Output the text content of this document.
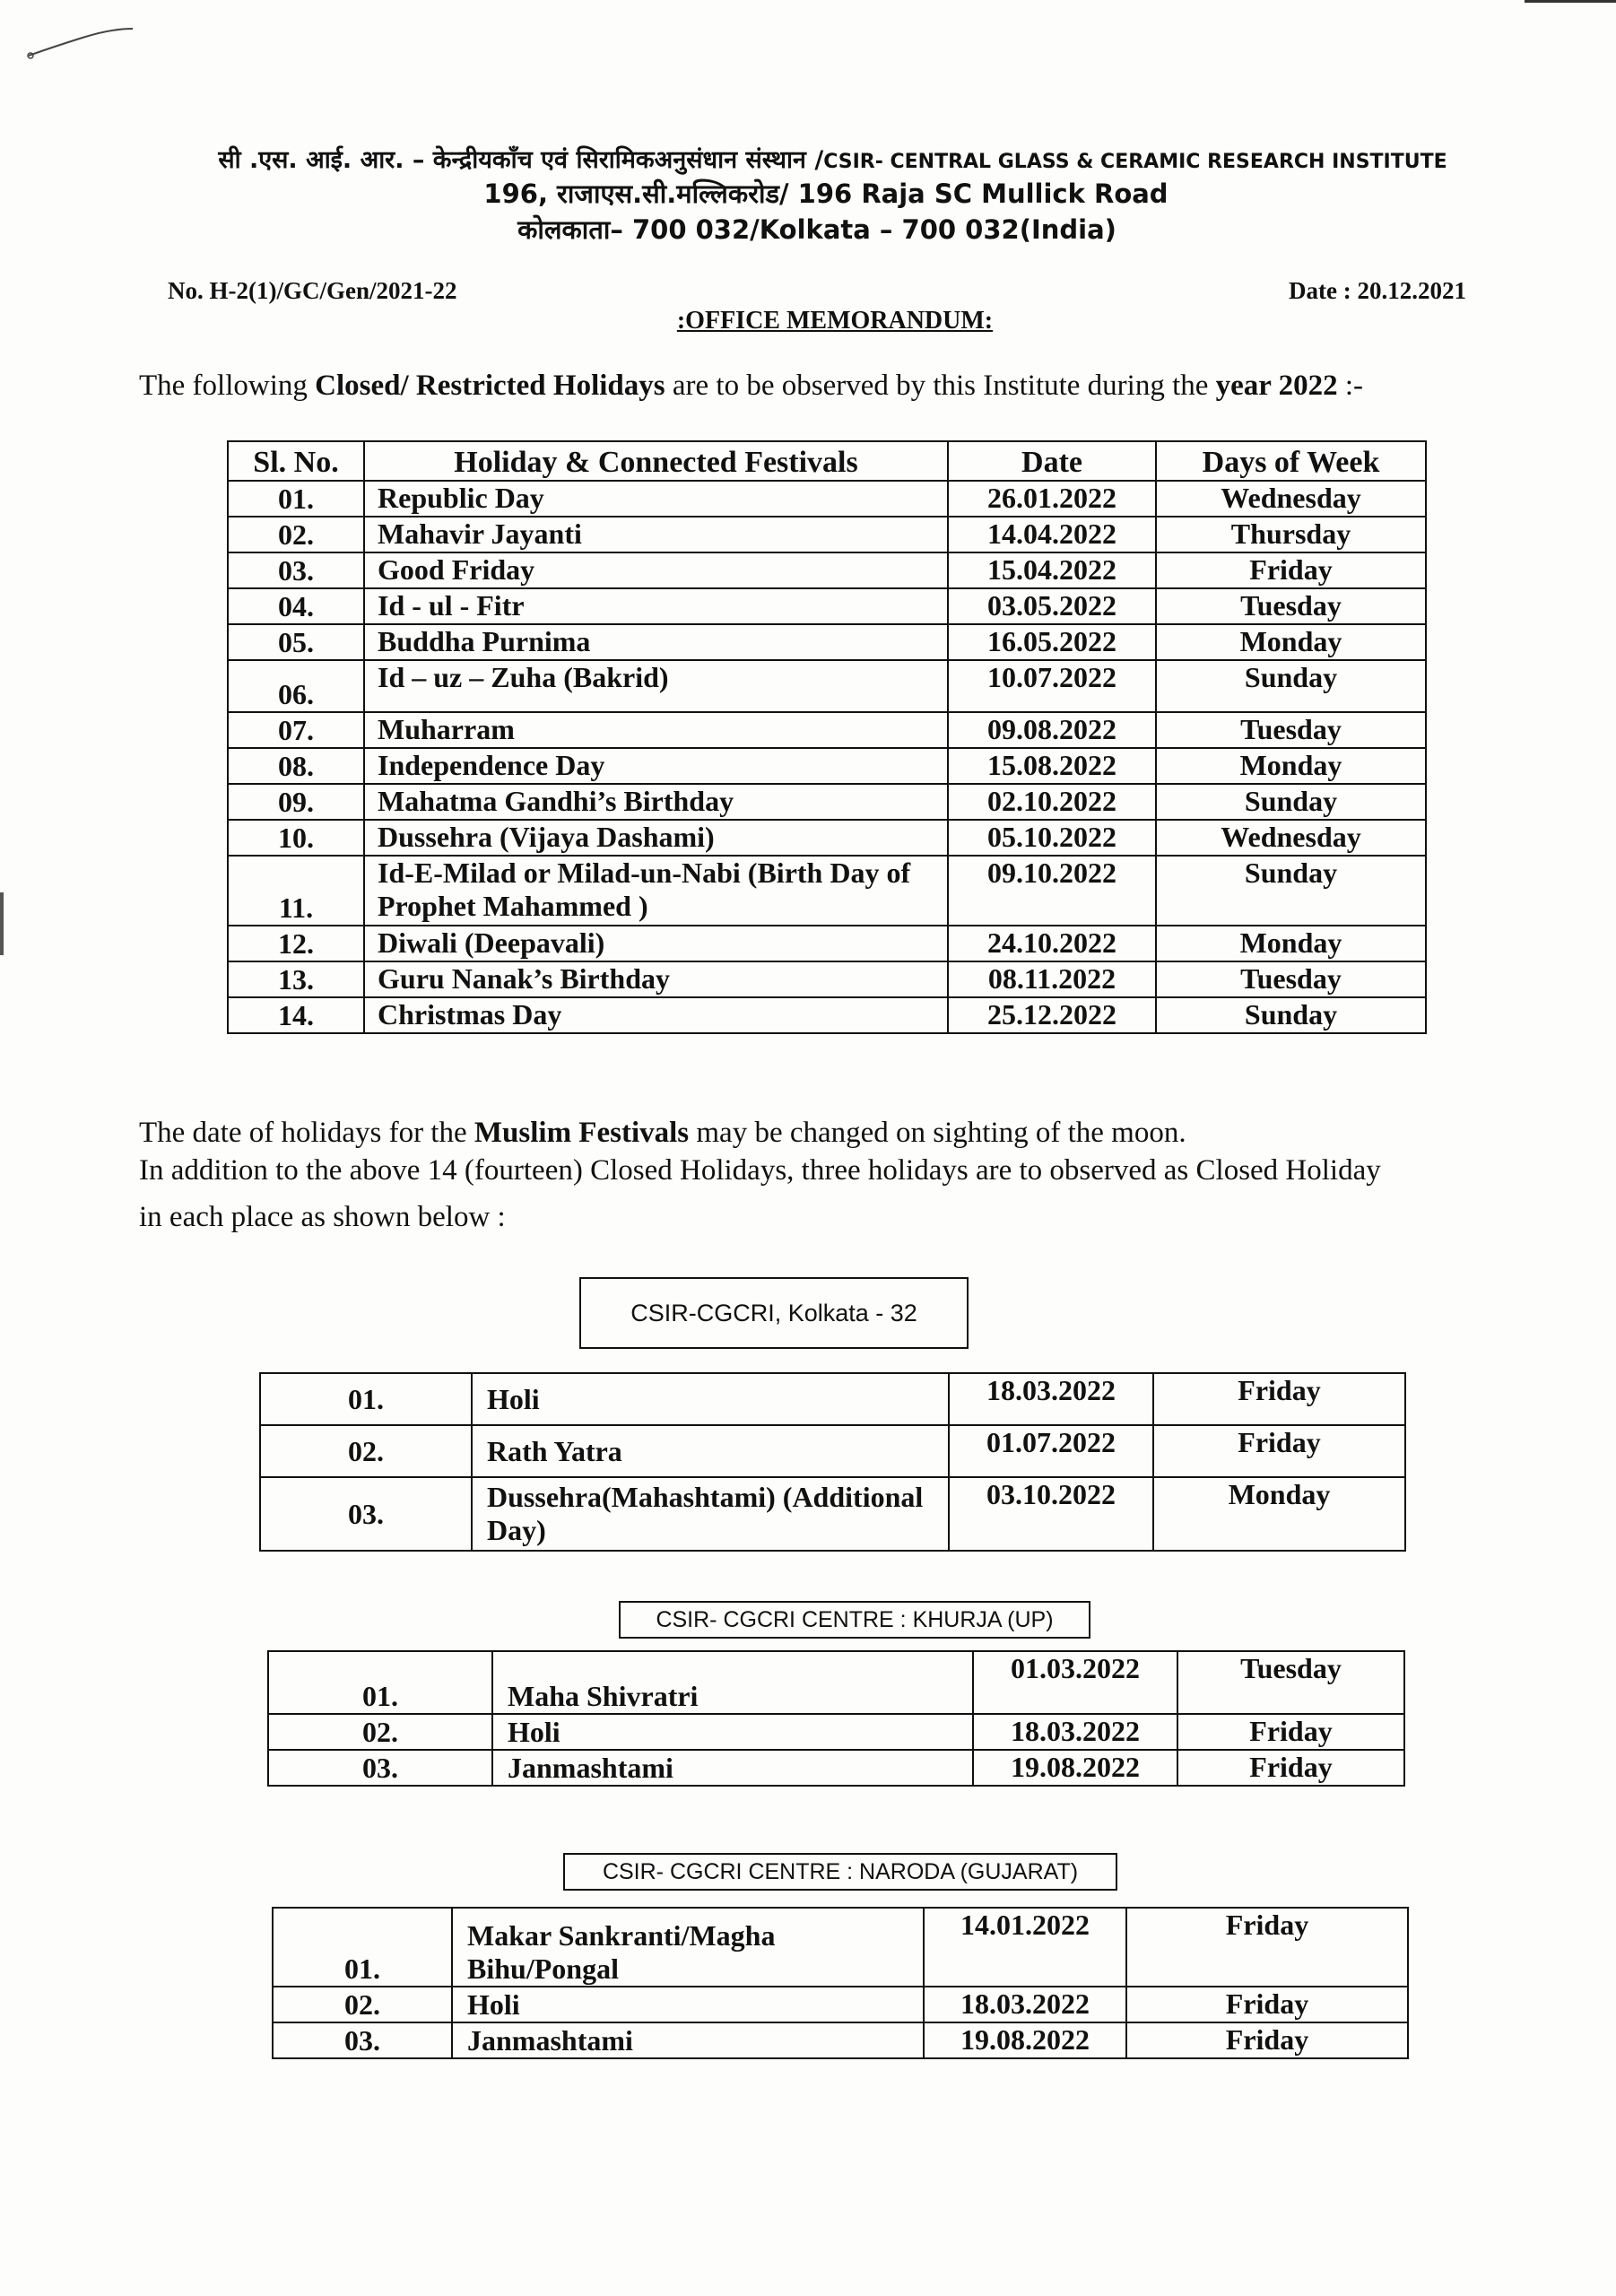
सी .एस. आई. आर. – केन्द्रीयकाँच एवं सिरामिकअनुसंधान संस्थान /CSIR- CENTRAL GLASS & CERAMIC RESEARCH INSTITUTE
196, राजाएस.सी.मल्लिकरोड/ 196 Raja SC Mullick Road
कोलकाता– 700 032/Kolkata – 700 032(India)
No. H-2(1)/GC/Gen/2021-22	Date : 20.12.2021
:OFFICE MEMORANDUM:
The following Closed/ Restricted Holidays are to be observed by this Institute during the year 2022 :-
Sl. No.	Holiday & Connected Festivals	Date	Days of Week
01.	Republic Day	26.01.2022	Wednesday
02.	Mahavir Jayanti	14.04.2022	Thursday
03.	Good Friday	15.04.2022	Friday
04.	Id - ul - Fitr	03.05.2022	Tuesday
05.	Buddha Purnima	16.05.2022	Monday
06.	Id – uz – Zuha (Bakrid)	10.07.2022	Sunday
07.	Muharram	09.08.2022	Tuesday
08.	Independence Day	15.08.2022	Monday
09.	Mahatma Gandhi’s Birthday	02.10.2022	Sunday
10.	Dussehra (Vijaya Dashami)	05.10.2022	Wednesday
11.	Id-E-Milad or Milad-un-Nabi (Birth Day of Prophet Mahammed )	09.10.2022	Sunday
12.	Diwali (Deepavali)	24.10.2022	Monday
13.	Guru Nanak’s Birthday	08.11.2022	Tuesday
14.	Christmas Day	25.12.2022	Sunday
The date of holidays for the Muslim Festivals may be changed on sighting of the moon.
In addition to the above 14 (fourteen) Closed Holidays, three holidays are to observed as Closed Holiday
in each place as shown below :
CSIR-CGCRI, Kolkata - 32
01.	Holi	18.03.2022	Friday
02.	Rath Yatra	01.07.2022	Friday
03.	Dussehra(Mahashtami) (Additional Day)	03.10.2022	Monday
CSIR- CGCRI CENTRE : KHURJA (UP)
01.	Maha Shivratri	01.03.2022	Tuesday
02.	Holi	18.03.2022	Friday
03.	Janmashtami	19.08.2022	Friday
CSIR- CGCRI CENTRE : NARODA (GUJARAT)
01.	Makar Sankranti/Magha Bihu/Pongal	14.01.2022	Friday
02.	Holi	18.03.2022	Friday
03.	Janmashtami	19.08.2022	Friday
